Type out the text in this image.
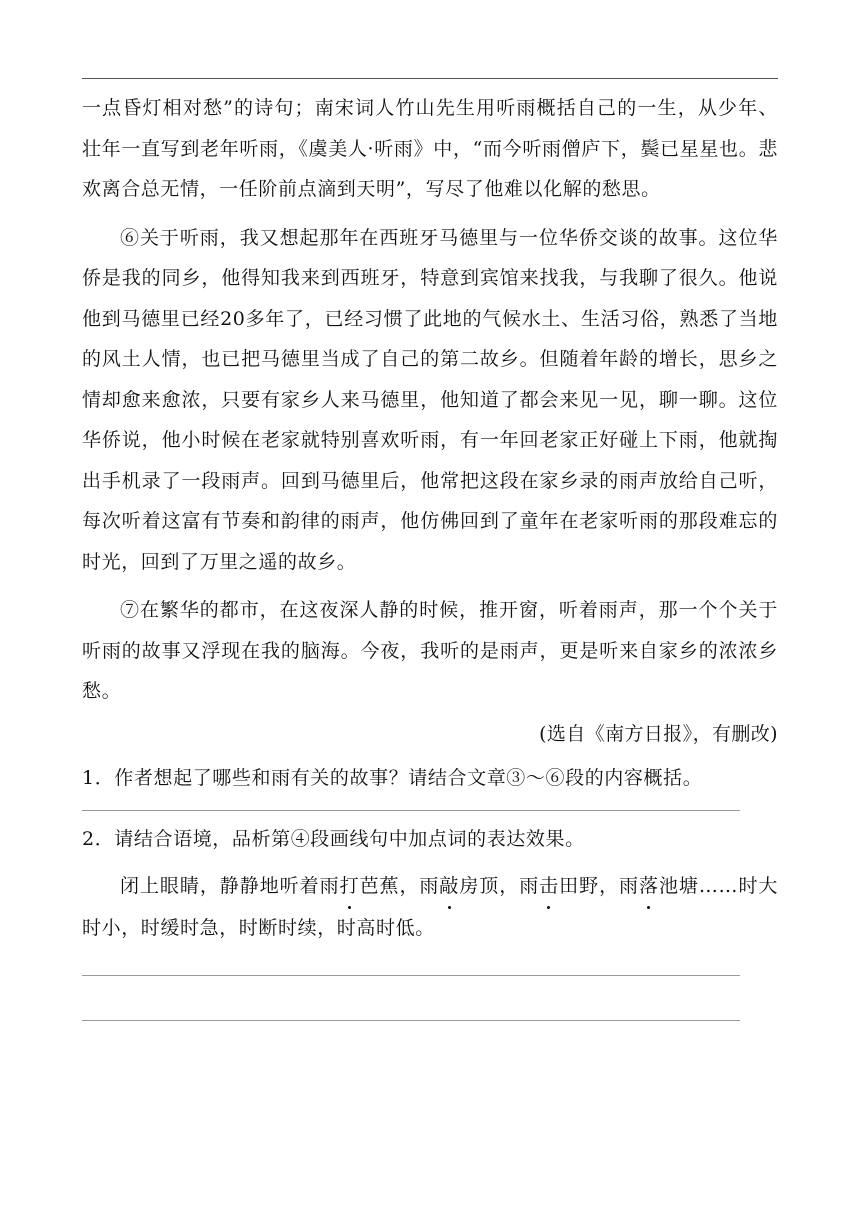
一点昏灯相对愁”的诗句；南宋词人竹山先生用听雨概括自己的一生，从少年、壮年一直写到老年听雨，《虞美人·听雨》中，“而今听雨僧庐下，鬓已星星也。悲欢离合总无情，一任阶前点滴到天明”，写尽了他难以化解的愁思。

⑥关于听雨，我又想起那年在西班牙马德里与一位华侨交谈的故事。这位华侨是我的同乡，他得知我来到西班牙，特意到宾馆来找我，与我聊了很久。他说他到马德里已经20多年了，已经习惯了此地的气候水土、生活习俗，熟悉了当地的风土人情，也已把马德里当成了自己的第二故乡。但随着年龄的增长，思乡之情却愈来愈浓，只要有家乡人来马德里，他知道了都会来见一见，聊一聊。这位华侨说，他小时候在老家就特别喜欢听雨，有一年回老家正好碰上下雨，他就掏出手机录了一段雨声。回到马德里后，他常把这段在家乡录的雨声放给自己听，每次听着这富有节奏和韵律的雨声，他仿佛回到了童年在老家听雨的那段难忘的时光，回到了万里之遥的故乡。

⑦在繁华的都市，在这夜深人静的时候，推开窗，听着雨声，那一个个关于听雨的故事又浮现在我的脑海。今夜，我听的是雨声，更是听来自家乡的浓浓乡愁。

(选自《南方日报》，有删改)

1．作者想起了哪些和雨有关的故事？请结合文章③～⑥段的内容概括。

2．请结合语境，品析第④段画线句中加点词的表达效果。

闭上眼睛，静静地听着雨打芭蕉，雨敲房顶，雨击田野，雨落池塘……时大时小，时缓时急，时断时续，时高时低。
